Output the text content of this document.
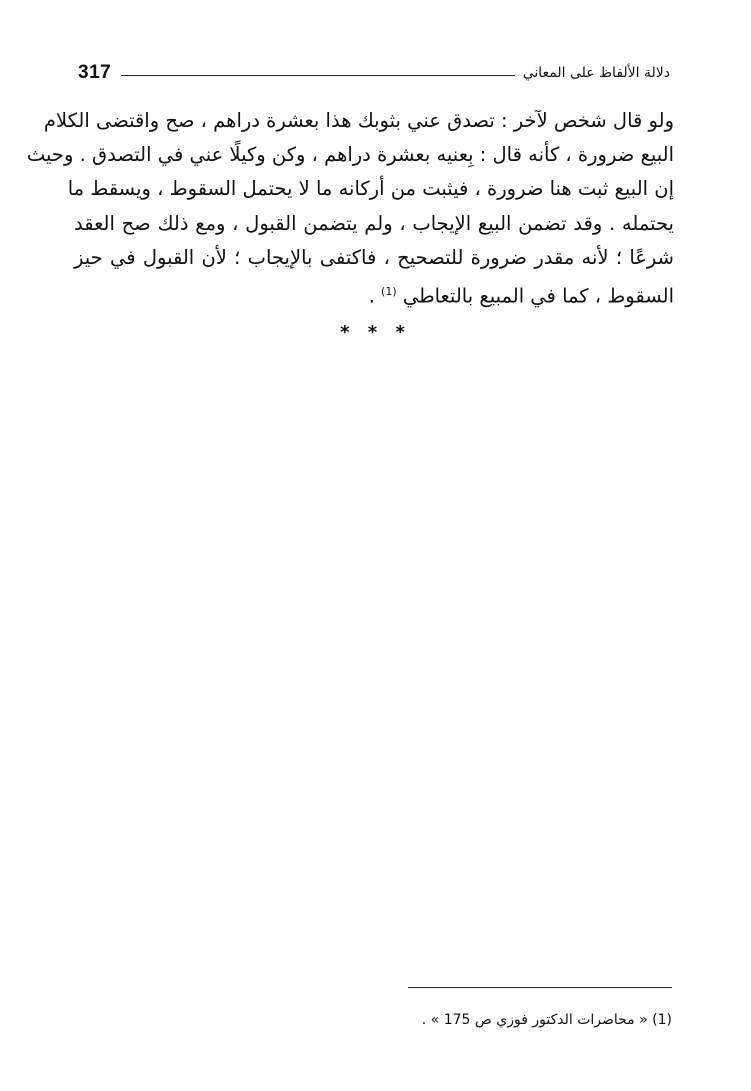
317	دلالة الألفاظ على المعاني
ولو قال شخص لآخر : تصدق عني بثوبك هذا بعشرة دراهم ، صح واقتضى الكلام
البيع ضرورة ، كأنه قال : بِعنيه بعشرة دراهم ، وكن وكيلًا عني في التصدق . وحيث
إن البيع ثبت هنا ضرورة ، فيثبت من أركانه ما لا يحتمل السقوط ، ويسقط ما
يحتمله . وقد تضمن البيع الإيجاب ، ولم يتضمن القبول ، ومع ذلك صح العقد
شرعًا ؛ لأنه مقدر ضرورة للتصحيح ، فاكتفى بالإيجاب ؛ لأن القبول في حيز
السقوط ، كما في المبيع بالتعاطي $^{(1)}$ .
* * *
(1) « محاضرات الدكتور فوزي ص 175 » .
